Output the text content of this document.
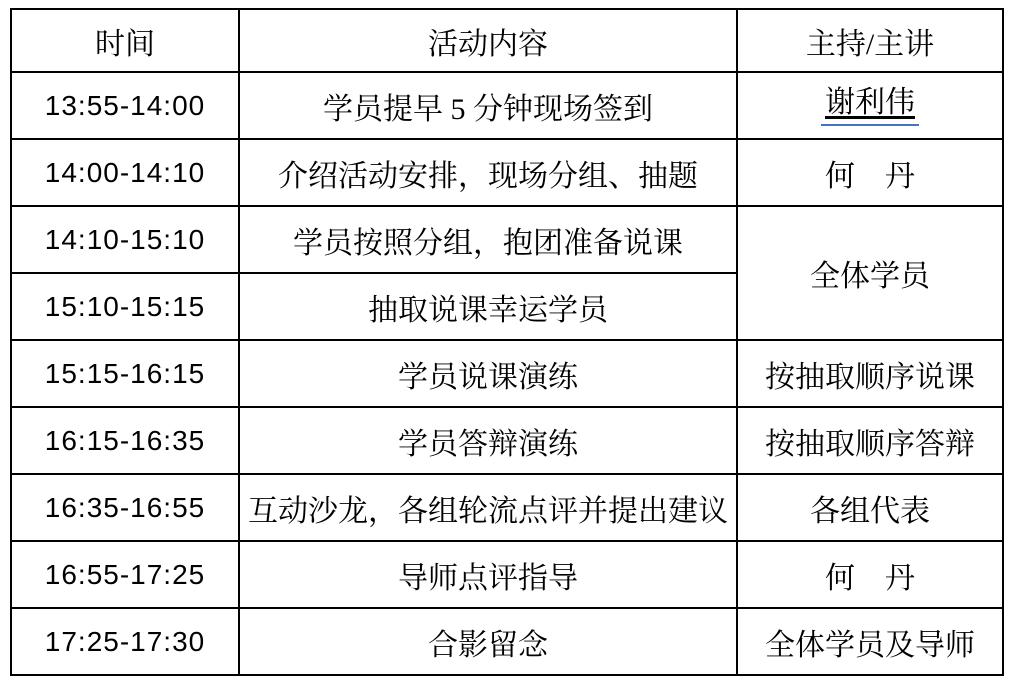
时间	活动内容	主持/主讲
13:55-14:00	学员提早 5 分钟现场签到	谢利伟
14:00-14:10	介绍活动安排，现场分组、抽题	何　丹
14:10-15:10	学员按照分组，抱团准备说课	全体学员
15:10-15:15	抽取说课幸运学员	
15:15-16:15	学员说课演练	按抽取顺序说课
16:15-16:35	学员答辩演练	按抽取顺序答辩
16:35-16:55	互动沙龙，各组轮流点评并提出建议	各组代表
16:55-17:25	导师点评指导	何　丹
17:25-17:30	合影留念	全体学员及导师
